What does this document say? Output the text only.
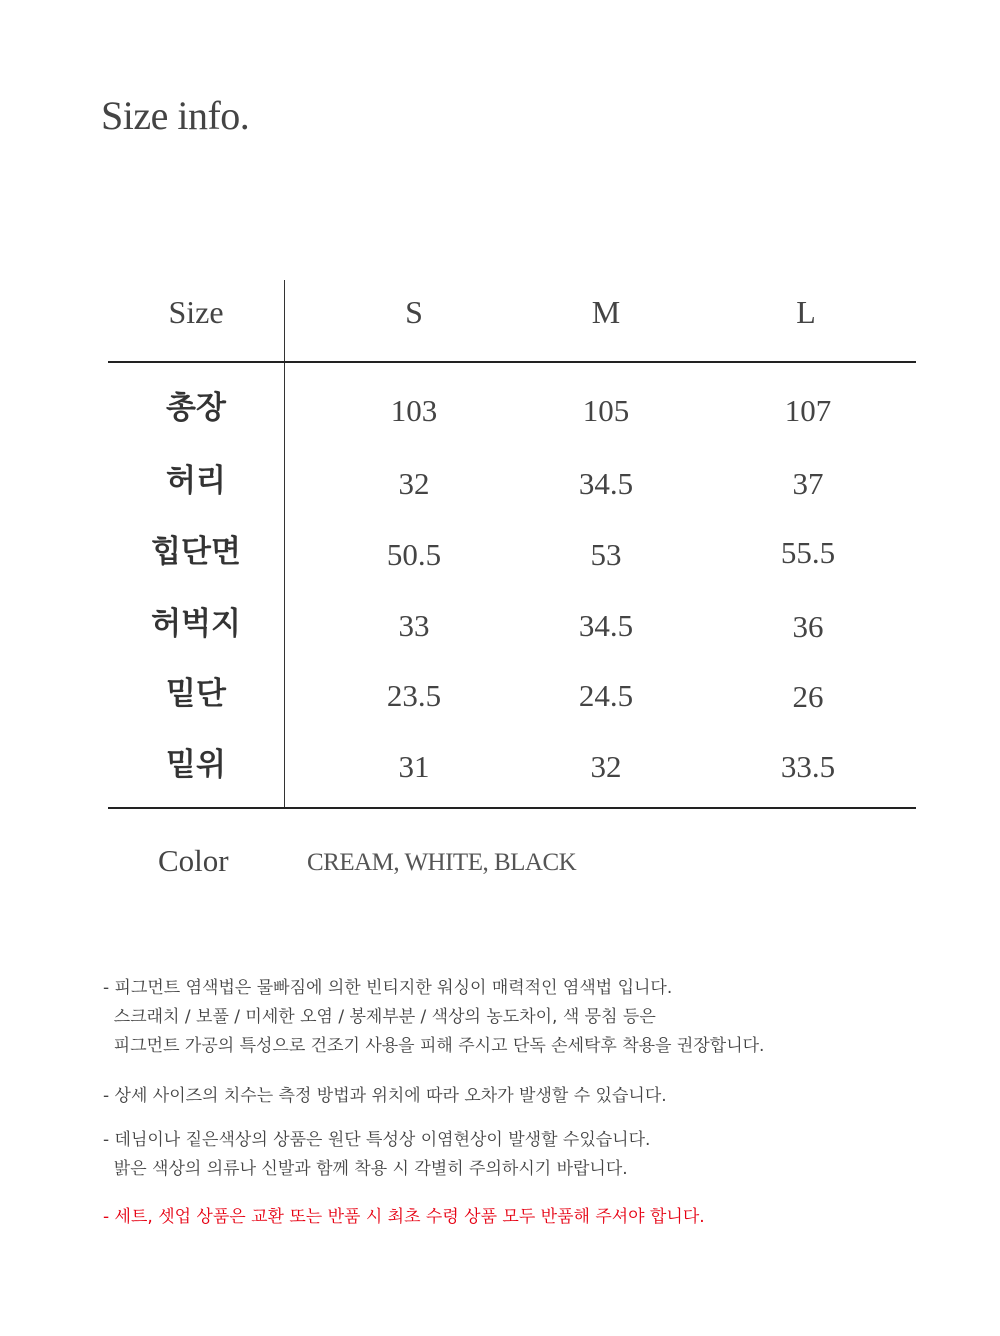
Size info.
Size	S	M	L
총장	103	105	107
허리	32	34.5	37
힙단면	50.5	53	55.5
허벅지	33	34.5	36
밑단	23.5	24.5	26
밑위	31	32	33.5
Color	CREAM, WHITE, BLACK
- 피그먼트 염색법은 물빠짐에 의한 빈티지한 워싱이 매력적인 염색법 입니다.
스크래치 / 보풀 / 미세한 오염 / 봉제부분 / 색상의 농도차이, 색 뭉침 등은
피그먼트 가공의 특성으로 건조기 사용을 피해 주시고 단독 손세탁후 착용을 권장합니다.
- 상세 사이즈의 치수는 측정 방법과 위치에 따라 오차가 발생할 수 있습니다.
- 데님이나 짙은색상의 상품은 원단 특성상 이염현상이 발생할 수있습니다.
밝은 색상의 의류나 신발과 함께 착용 시 각별히 주의하시기 바랍니다.
- 세트, 셋업 상품은 교환 또는 반품 시 최초 수령 상품 모두 반품해 주셔야 합니다.
